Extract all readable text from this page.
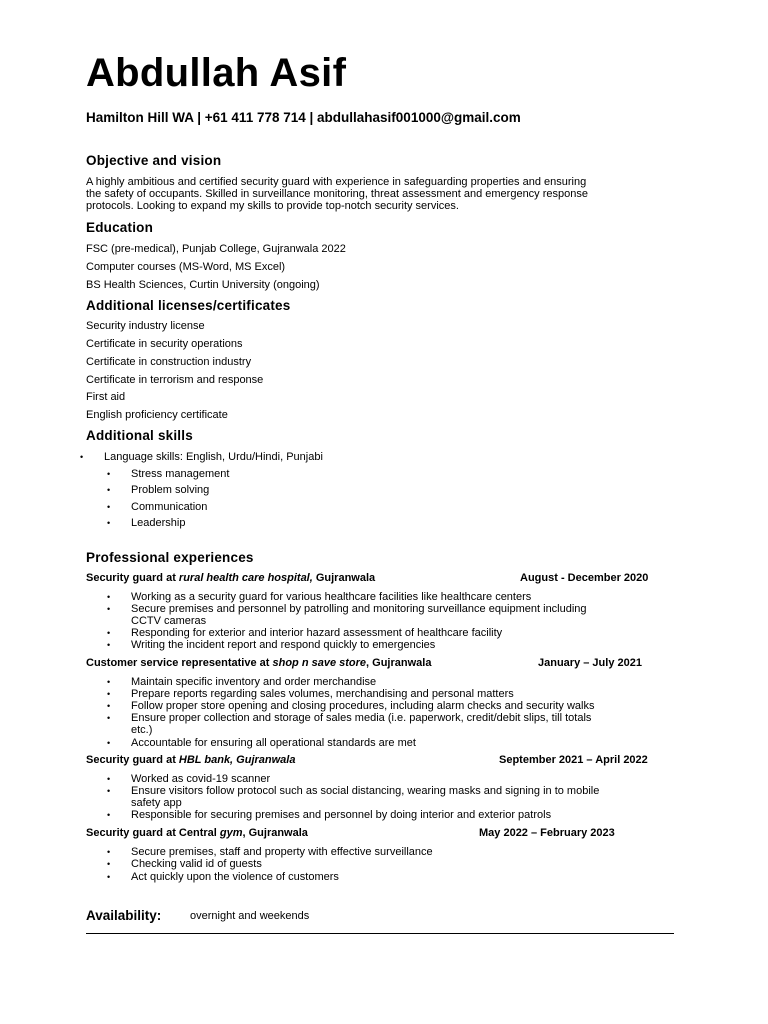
Abdullah Asif

Hamilton Hill WA | +61 411 778 714 | abdullahasif001000@gmail.com

Objective and vision

A highly ambitious and certified security guard with experience in safeguarding properties and ensuring

the safety of occupants. Skilled in surveillance monitoring, threat assessment and emergency response

protocols. Looking to expand my skills to provide top-notch security services.

Education

FSC (pre-medical), Punjab College, Gujranwala 2022

Computer courses (MS-Word, MS Excel)

BS Health Sciences, Curtin University (ongoing)

Additional licenses/certificates

Security industry license

Certificate in security operations

Certificate in construction industry

Certificate in terrorism and response

First aid

English proficiency certificate

Additional skills

• Language skills: English, Urdu/Hindi, Punjabi

• Stress management

• Problem solving

• Communication

• Leadership

Professional experiences

Security guard at rural health care hospital, Gujranwala	August - December 2020

• Working as a security guard for various healthcare facilities like healthcare centers

• Secure premises and personnel by patrolling and monitoring surveillance equipment including

CCTV cameras

• Responding for exterior and interior hazard assessment of healthcare facility

• Writing the incident report and respond quickly to emergencies

Customer service representative at shop n save store, Gujranwala	January – July 2021

• Maintain specific inventory and order merchandise

• Prepare reports regarding sales volumes, merchandising and personal matters

• Follow proper store opening and closing procedures, including alarm checks and security walks

• Ensure proper collection and storage of sales media (i.e. paperwork, credit/debit slips, till totals

etc.)

• Accountable for ensuring all operational standards are met

Security guard at HBL bank, Gujranwala	September 2021 – April 2022

• Worked as covid-19 scanner

• Ensure visitors follow protocol such as social distancing, wearing masks and signing in to mobile

safety app

• Responsible for securing premises and personnel by doing interior and exterior patrols

Security guard at Central gym, Gujranwala	May 2022 – February 2023

• Secure premises, staff and property with effective surveillance

• Checking valid id of guests

• Act quickly upon the violence of customers

Availability:	overnight and weekends
